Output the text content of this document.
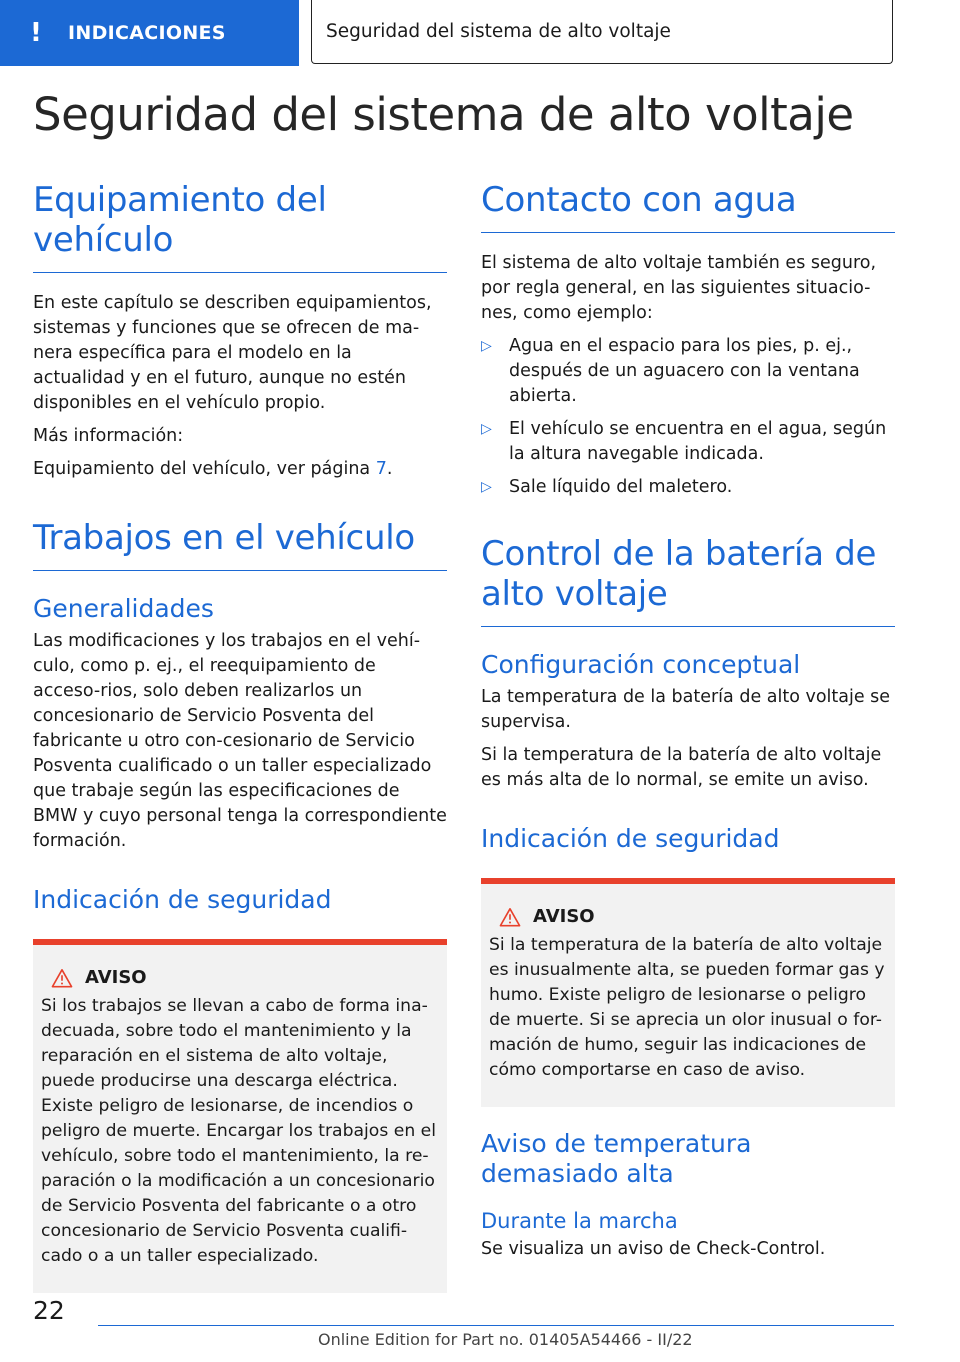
!	INDICACIONES	Seguridad del sistema de alto voltaje
Seguridad del sistema de alto voltaje
Equipamiento del vehículo

En este capítulo se describen equipamientos, sistemas y funciones que se ofrecen de ma-nera específica para el modelo en la actualidad y en el futuro, aunque no estén disponibles en el vehículo propio.

Más información:

Equipamiento del vehículo, ver página 7.

Trabajos en el vehículo
Generalidades

Las modificaciones y los trabajos en el vehí-culo, como p. ej., el reequipamiento de acceso-rios, solo deben realizarlos un concesionario de Servicio Posventa del fabricante u otro con-cesionario de Servicio Posventa cualificado o un taller especializado que trabaje según las especificaciones de BMW y cuyo personal tenga la correspondiente formación.

Indicación de seguridad
AVISO

Si los trabajos se llevan a cabo de forma ina-decuada, sobre todo el mantenimiento y la reparación en el sistema de alto voltaje, puede producirse una descarga eléctrica. Existe peligro de lesionarse, de incendios o peligro de muerte. Encargar los trabajos en el vehículo, sobre todo el mantenimiento, la re-paración o la modificación a un concesionario de Servicio Posventa del fabricante o a otro concesionario de Servicio Posventa cualifi-cado o a un taller especializado.

Contacto con agua

El sistema de alto voltaje también es seguro, por regla general, en las siguientes situacio-nes, como ejemplo:

▷ Agua en el espacio para los pies, p. ej., después de un aguacero con la ventana abierta.
▷ El vehículo se encuentra en el agua, según la altura navegable indicada.
▷ Sale líquido del maletero.
Control de la batería de alto voltaje
Configuración conceptual

La temperatura de la batería de alto voltaje se supervisa.

Si la temperatura de la batería de alto voltaje es más alta de lo normal, se emite un aviso.

Indicación de seguridad
AVISO

Si la temperatura de la batería de alto voltaje es inusualmente alta, se pueden formar gas y humo. Existe peligro de lesionarse o peligro de muerte. Si se aprecia un olor inusual o for-mación de humo, seguir las indicaciones de cómo comportarse en caso de aviso.

Aviso de temperatura demasiado alta
Durante la marcha

Se visualiza un aviso de Check-Control.

22
Online Edition for Part no. 01405A54466 - II/22
